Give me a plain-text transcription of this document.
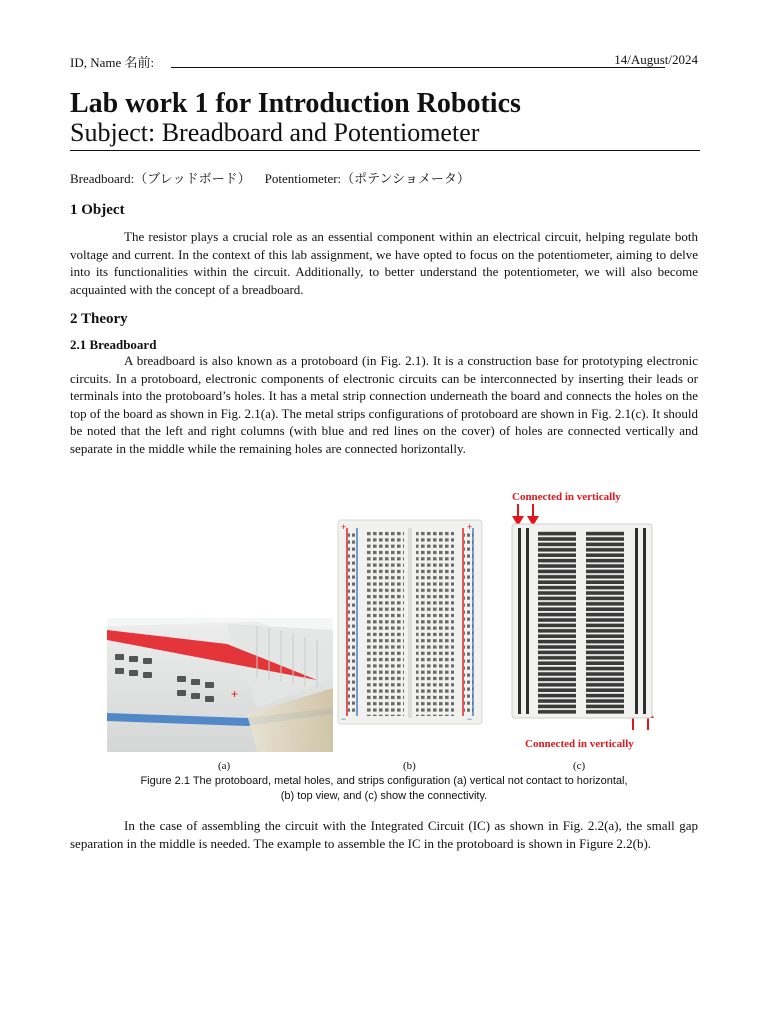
ID, Name 名前:	14/August/2024
Lab work 1 for Introduction Robotics
Subject: Breadboard and Potentiometer
Breadboard:（ブレッドボード） Potentiometer:（ポテンショメータ）
1 Object
The resistor plays a crucial role as an essential component within an electrical circuit, helping regulate both voltage and current. In the context of this lab assignment, we have opted to focus on the potentiometer, aiming to delve into its functionalities within the circuit. Additionally, to better understand the potentiometer, we will also become acquainted with the concept of a breadboard.
2 Theory
2.1 Breadboard
A breadboard is also known as a protoboard (in Fig. 2.1). It is a construction base for prototyping electronic circuits. In a protoboard, electronic components of electronic circuits can be interconnected by inserting their leads or terminals into the protoboard’s holes. It has a metal strip connection underneath the board and connects the holes on the top of the board as shown in Fig. 2.1(a). The metal strips configurations of protoboard are shown in Fig. 2.1(c). It should be noted that the left and right columns (with blue and red lines on the cover) of holes are connected vertically and separate in the middle while the remaining holes are connected horizontally.
+
(a)
+	+
−	−
(b)
Connected in vertically
Connected in vertically
(c)
Figure 2.1 The protoboard, metal holes, and strips configuration (a) vertical not contact to horizontal,
(b) top view, and (c) show the connectivity.
In the case of assembling the circuit with the Integrated Circuit (IC) as shown in Fig. 2.2(a), the small gap separation in the middle is needed. The example to assemble the IC in the protoboard is shown in Figure 2.2(b).
